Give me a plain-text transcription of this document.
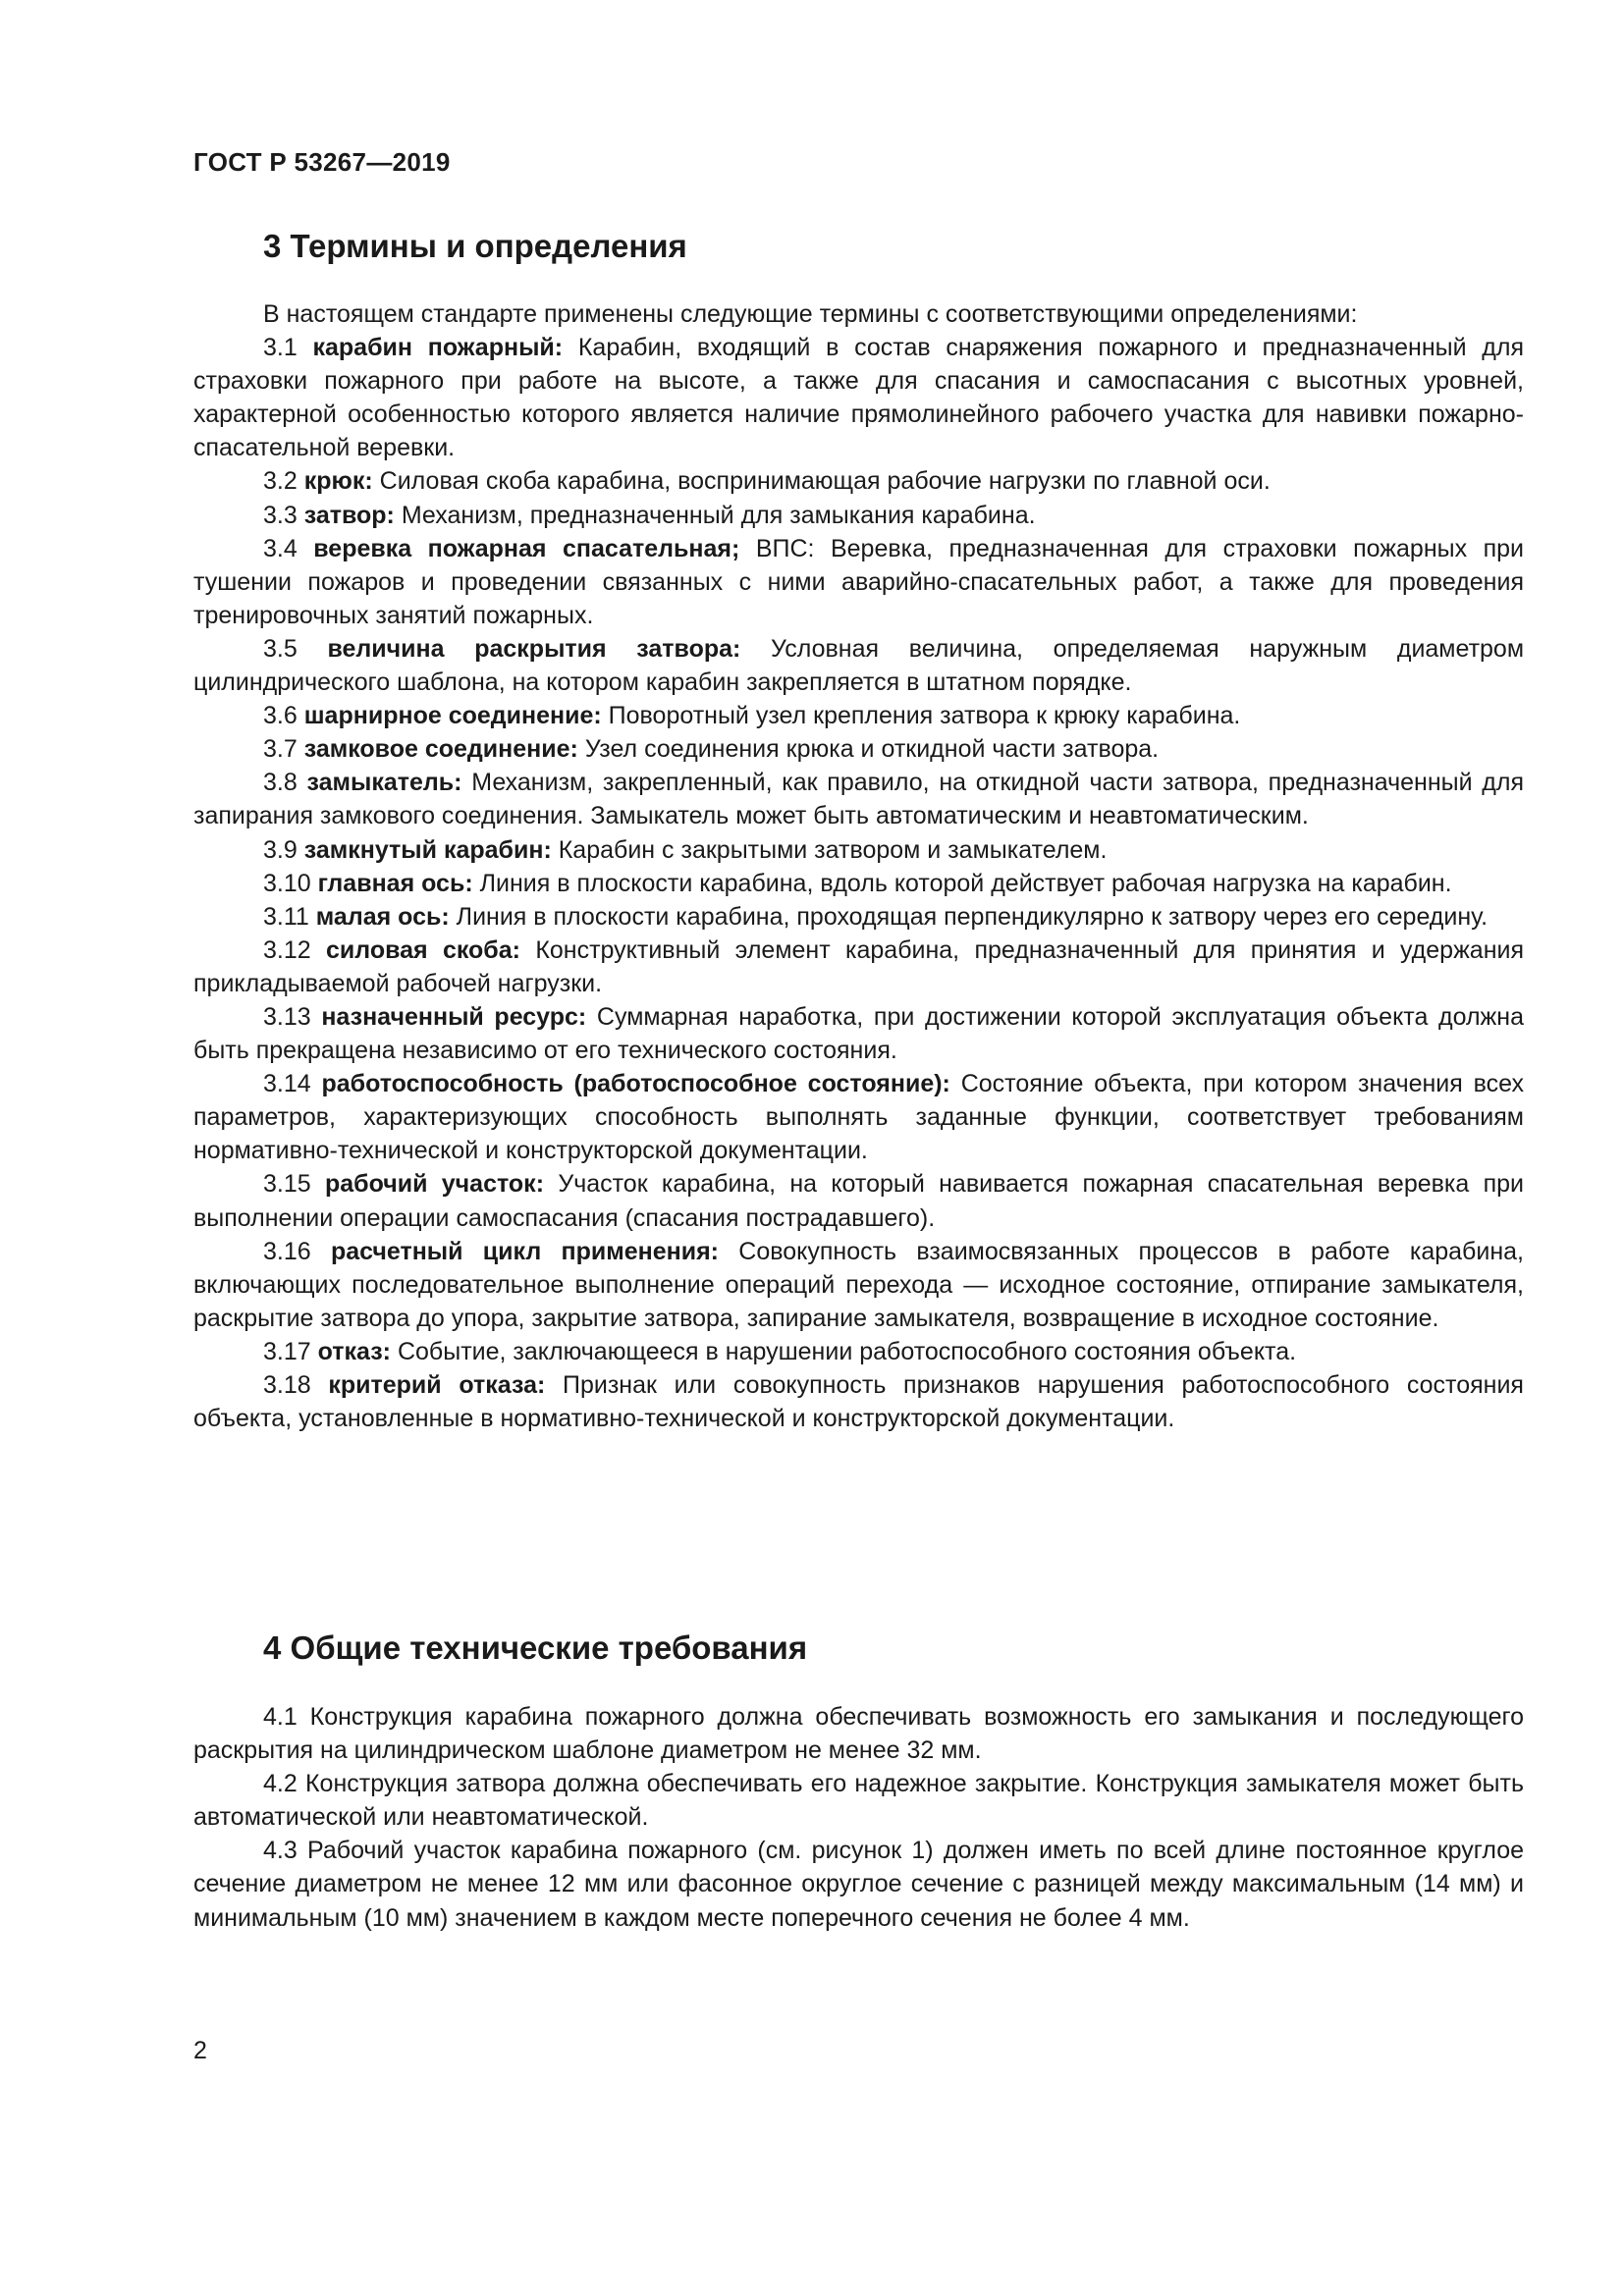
ГОСТ Р 53267—2019
3 Термины и определения

В настоящем стандарте применены следующие термины с соответствующими определениями:

3.1 карабин пожарный: Карабин, входящий в состав снаряжения пожарного и предназначенный для страховки пожарного при работе на высоте, а также для спасания и самоспасания с высотных уровней, характерной особенностью которого является наличие прямолинейного рабочего участка для навивки пожарно-спасательной веревки.

3.2 крюк: Силовая скоба карабина, воспринимающая рабочие нагрузки по главной оси.

3.3 затвор: Механизм, предназначенный для замыкания карабина.

3.4 веревка пожарная спасательная; ВПС: Веревка, предназначенная для страховки пожарных при тушении пожаров и проведении связанных с ними аварийно-спасательных работ, а также для проведения тренировочных занятий пожарных.

3.5 величина раскрытия затвора: Условная величина, определяемая наружным диаметром цилиндрического шаблона, на котором карабин закрепляется в штатном порядке.

3.6 шарнирное соединение: Поворотный узел крепления затвора к крюку карабина.

3.7 замковое соединение: Узел соединения крюка и откидной части затвора.

3.8 замыкатель: Механизм, закрепленный, как правило, на откидной части затвора, предназначенный для запирания замкового соединения. Замыкатель может быть автоматическим и неавтоматическим.

3.9 замкнутый карабин: Карабин с закрытыми затвором и замыкателем.

3.10 главная ось: Линия в плоскости карабина, вдоль которой действует рабочая нагрузка на карабин.

3.11 малая ось: Линия в плоскости карабина, проходящая перпендикулярно к затвору через его середину.

3.12 силовая скоба: Конструктивный элемент карабина, предназначенный для принятия и удержания прикладываемой рабочей нагрузки.

3.13 назначенный ресурс: Суммарная наработка, при достижении которой эксплуатация объекта должна быть прекращена независимо от его технического состояния.

3.14 работоспособность (работоспособное состояние): Состояние объекта, при котором значения всех параметров, характеризующих способность выполнять заданные функции, соответствует требованиям нормативно-технической и конструкторской документации.

3.15 рабочий участок: Участок карабина, на который навивается пожарная спасательная веревка при выполнении операции самоспасания (спасания пострадавшего).

3.16 расчетный цикл применения: Совокупность взаимосвязанных процессов в работе карабина, включающих последовательное выполнение операций перехода — исходное состояние, отпирание замыкателя, раскрытие затвора до упора, закрытие затвора, запирание замыкателя, возвращение в исходное состояние.

3.17 отказ: Событие, заключающееся в нарушении работоспособного состояния объекта.

3.18 критерий отказа: Признак или совокупность признаков нарушения работоспособного состояния объекта, установленные в нормативно-технической и конструкторской документации.

4 Общие технические требования

4.1 Конструкция карабина пожарного должна обеспечивать возможность его замыкания и последующего раскрытия на цилиндрическом шаблоне диаметром не менее 32 мм.

4.2 Конструкция затвора должна обеспечивать его надежное закрытие. Конструкция замыкателя может быть автоматической или неавтоматической.

4.3 Рабочий участок карабина пожарного (см. рисунок 1) должен иметь по всей длине постоянное круглое сечение диаметром не менее 12 мм или фасонное округлое сечение с разницей между максимальным (14 мм) и минимальным (10 мм) значением в каждом месте поперечного сечения не более 4 мм.

2
